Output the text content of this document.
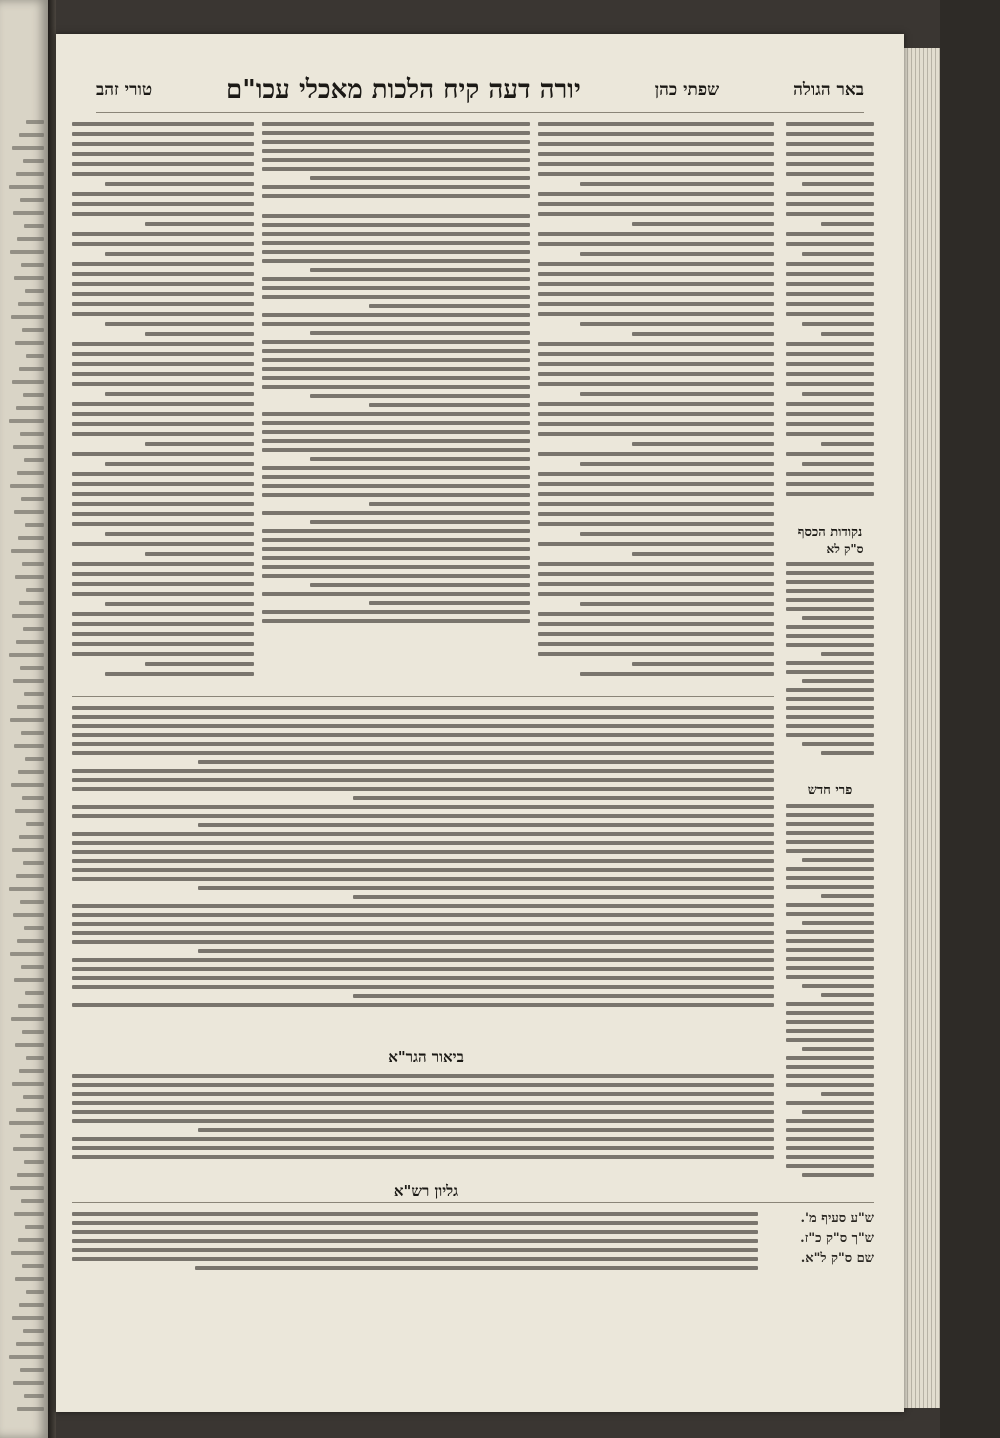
באר הגולה
שפתי כהן
יורה דעה קיח הלכות מאכלי עכו"ם
טורי זהב
נקודות הכסף
ס"ק לא
פרי חדש
ביאור הגר"א
גליון רש"א
ש"ע סעיף מ'.
ש"ך ס"ק כ"ז.
שם ס"ק ל"א.
